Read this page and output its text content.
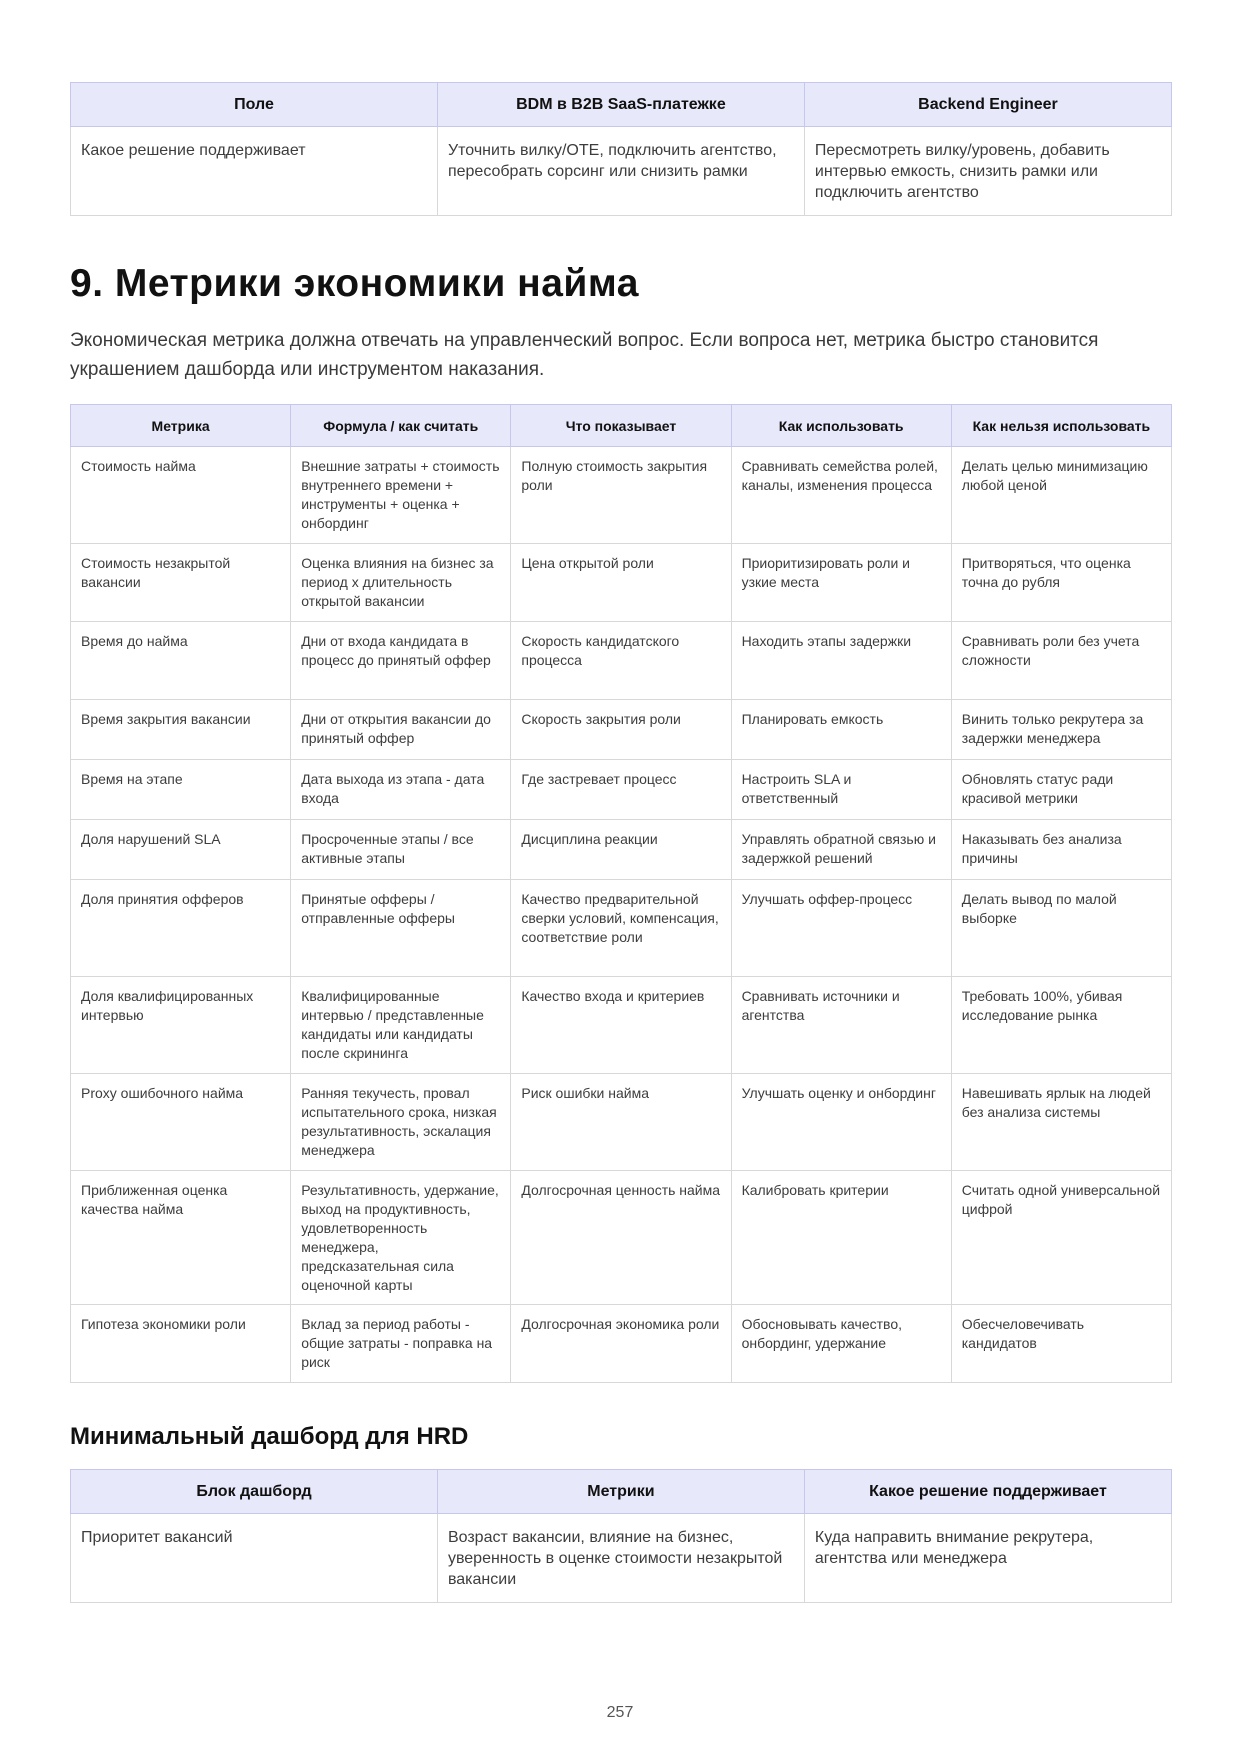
Поле	BDM в B2B SaaS-платежке	Backend Engineer
Какое решение поддерживает	Уточнить вилку/OTE, подключить агентство, пересобрать сорсинг или снизить рамки	Пересмотреть вилку/уровень, добавить интервью емкость, снизить рамки или подключить агентство
9. Метрики экономики найма

Экономическая метрика должна отвечать на управленческий вопрос. Если вопроса нет, метрика быстро становится украшением дашборда или инструментом наказания.

Метрика	Формула / как считать	Что показывает	Как использовать	Как нельзя использовать
Стоимость найма	Внешние затраты + стоимость внутреннего времени + инструменты + оценка + онбординг	Полную стоимость закрытия роли	Сравнивать семейства ролей, каналы, изменения процесса	Делать целью минимизацию любой ценой
Стоимость незакрытой вакансии	Оценка влияния на бизнес за период х длительность открытой вакансии	Цена открытой роли	Приоритизировать роли и узкие места	Притворяться, что оценка точна до рубля
Время до найма	Дни от входа кандидата в процесс до принятый оффер	Скорость кандидатского процесса	Находить этапы задержки	Сравнивать роли без учета сложности
Время закрытия вакансии	Дни от открытия вакансии до принятый оффер	Скорость закрытия роли	Планировать емкость	Винить только рекрутера за задержки менеджера
Время на этапе	Дата выхода из этапа - дата входа	Где застревает процесс	Настроить SLA и ответственный	Обновлять статус ради красивой метрики
Доля нарушений SLA	Просроченные этапы / все активные этапы	Дисциплина реакции	Управлять обратной связью и задержкой решений	Наказывать без анализа причины
Доля принятия офферов	Принятые офферы / отправленные офферы	Качество предварительной сверки условий, компенсация, соответствие роли	Улучшать оффер-процесс	Делать вывод по малой выборке
Доля квалифицированных интервью	Квалифицированные интервью / представленные кандидаты или кандидаты после скрининга	Качество входа и критериев	Сравнивать источники и агентства	Требовать 100%, убивая исследование рынка
Proxy ошибочного найма	Ранняя текучесть, провал испытательного срока, низкая результативность, эскалация менеджера	Риск ошибки найма	Улучшать оценку и онбординг	Навешивать ярлык на людей без анализа системы
Приближенная оценка качества найма	Результативность, удержание, выход на продуктивность, удовлетворенность менеджера, предсказательная сила оценочной карты	Долгосрочная ценность найма	Калибровать критерии	Считать одной универсальной цифрой
Гипотеза экономики роли	Вклад за период работы - общие затраты - поправка на риск	Долгосрочная экономика роли	Обосновывать качество, онбординг, удержание	Обесчеловечивать кандидатов
Минимальный дашборд для HRD
Блок дашборд	Метрики	Какое решение поддерживает
Приоритет вакансий	Возраст вакансии, влияние на бизнес, уверенность в оценке стоимости незакрытой вакансии	Куда направить внимание рекрутера, агентства или менеджера
257
